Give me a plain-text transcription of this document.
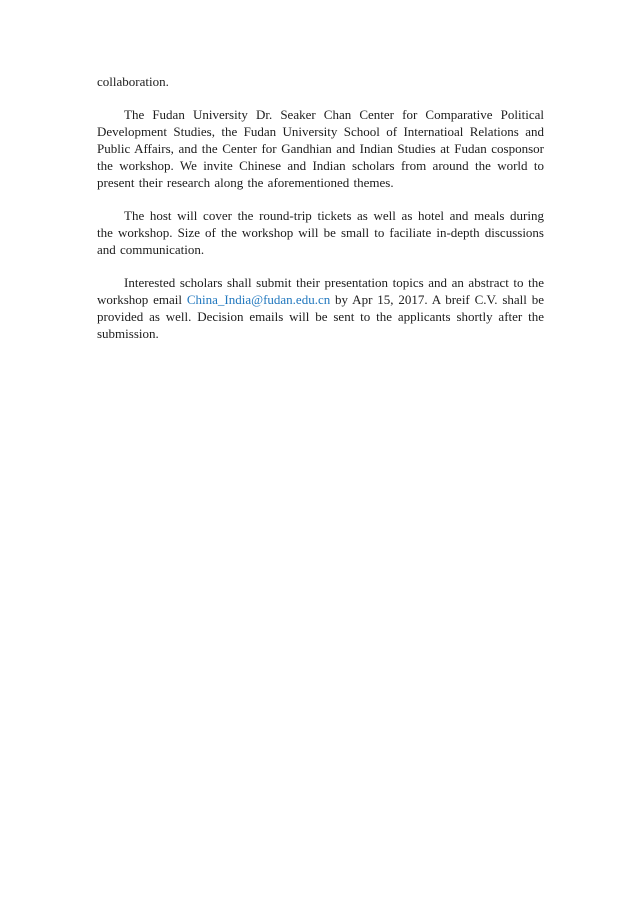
collaboration.

The Fudan University Dr. Seaker Chan Center for Comparative Political Development Studies, the Fudan University School of Internatioal Relations and Public Affairs, and the Center for Gandhian and Indian Studies at Fudan cosponsor the workshop. We invite Chinese and Indian scholars from around the world to present their research along the aforementioned themes.

The host will cover the round-trip tickets as well as hotel and meals during the workshop. Size of the workshop will be small to faciliate in-depth discussions and communication.

Interested scholars shall submit their presentation topics and an abstract to the workshop email China_India@fudan.edu.cn by Apr 15, 2017. A breif C.V. shall be provided as well. Decision emails will be sent to the applicants shortly after the submission.
